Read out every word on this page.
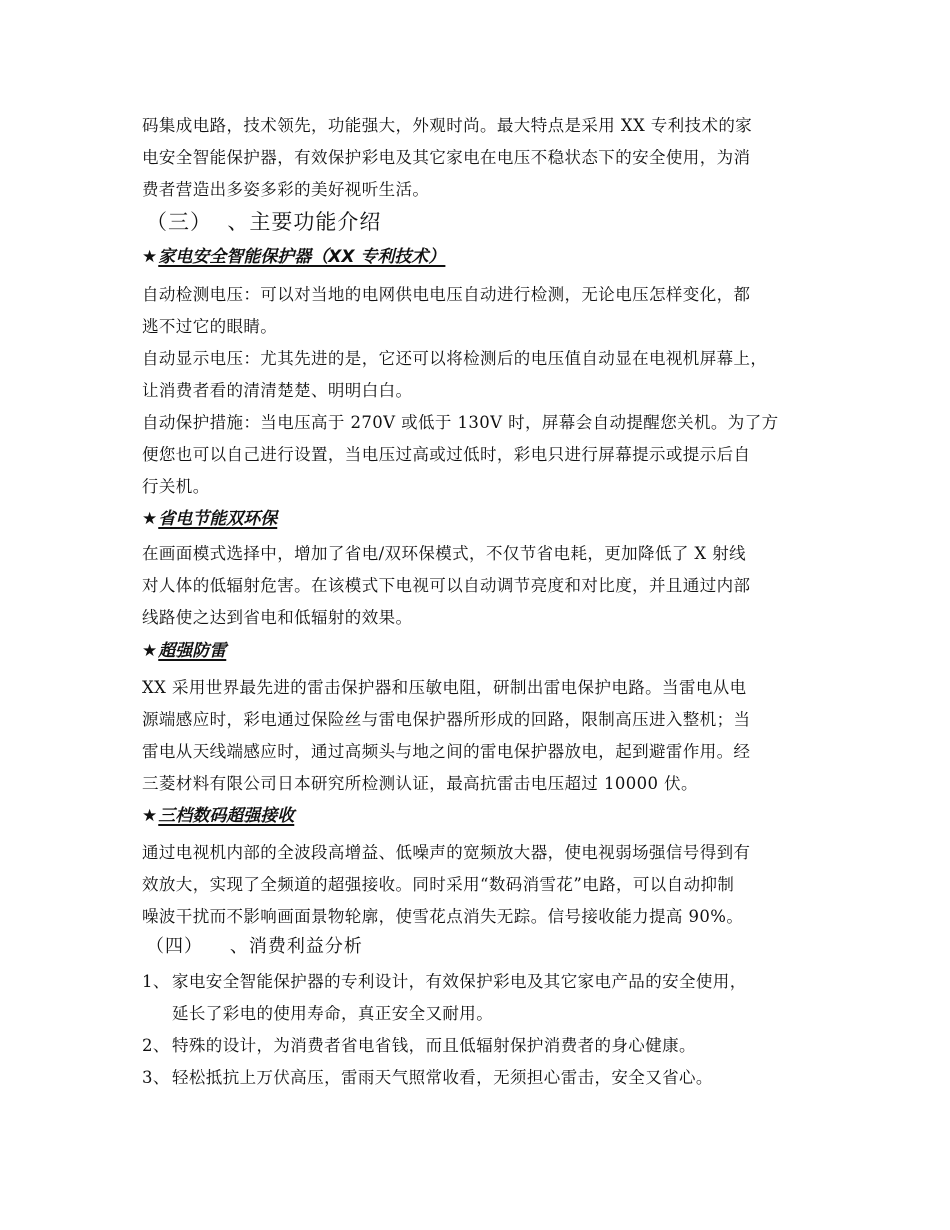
码集成电路，技术领先，功能强大，外观时尚。最大特点是采用 XX 专利技术的家
电安全智能保护器，有效保护彩电及其它家电在电压不稳状态下的安全使用，为消
费者营造出多姿多彩的美好视听生活。
（三）  、主要功能介绍
★家电安全智能保护器（XX 专利技术）
自动检测电压：可以对当地的电网供电电压自动进行检测，无论电压怎样变化，都
逃不过它的眼睛。
自动显示电压：尤其先进的是，它还可以将检测后的电压值自动显在电视机屏幕上，
让消费者看的清清楚楚、明明白白。
自动保护措施：当电压高于 270V 或低于 130V 时，屏幕会自动提醒您关机。为了方
便您也可以自己进行设置，当电压过高或过低时，彩电只进行屏幕提示或提示后自
行关机。
★省电节能双环保
在画面模式选择中，增加了省电/双环保模式，不仅节省电耗，更加降低了 X 射线
对人体的低辐射危害。在该模式下电视可以自动调节亮度和对比度，并且通过内部
线路使之达到省电和低辐射的效果。
★超强防雷
XX 采用世界最先进的雷击保护器和压敏电阻，研制出雷电保护电路。当雷电从电
源端感应时，彩电通过保险丝与雷电保护器所形成的回路，限制高压进入整机；当
雷电从天线端感应时，通过高频头与地之间的雷电保护器放电，起到避雷作用。经
三菱材料有限公司日本研究所检测认证，最高抗雷击电压超过 10000 伏。
★三档数码超强接收
通过电视机内部的全波段高增益、低噪声的宽频放大器，使电视弱场强信号得到有
效放大，实现了全频道的超强接收。同时采用“数码消雪花”电路，可以自动抑制
噪波干扰而不影响画面景物轮廓，使雪花点消失无踪。信号接收能力提高 90%。
（四）    、消费利益分析
1、 家电安全智能保护器的专利设计，有效保护彩电及其它家电产品的安全使用，
延长了彩电的使用寿命，真正安全又耐用。
2、 特殊的设计，为消费者省电省钱，而且低辐射保护消费者的身心健康。
3、 轻松抵抗上万伏高压，雷雨天气照常收看，无须担心雷击，安全又省心。
